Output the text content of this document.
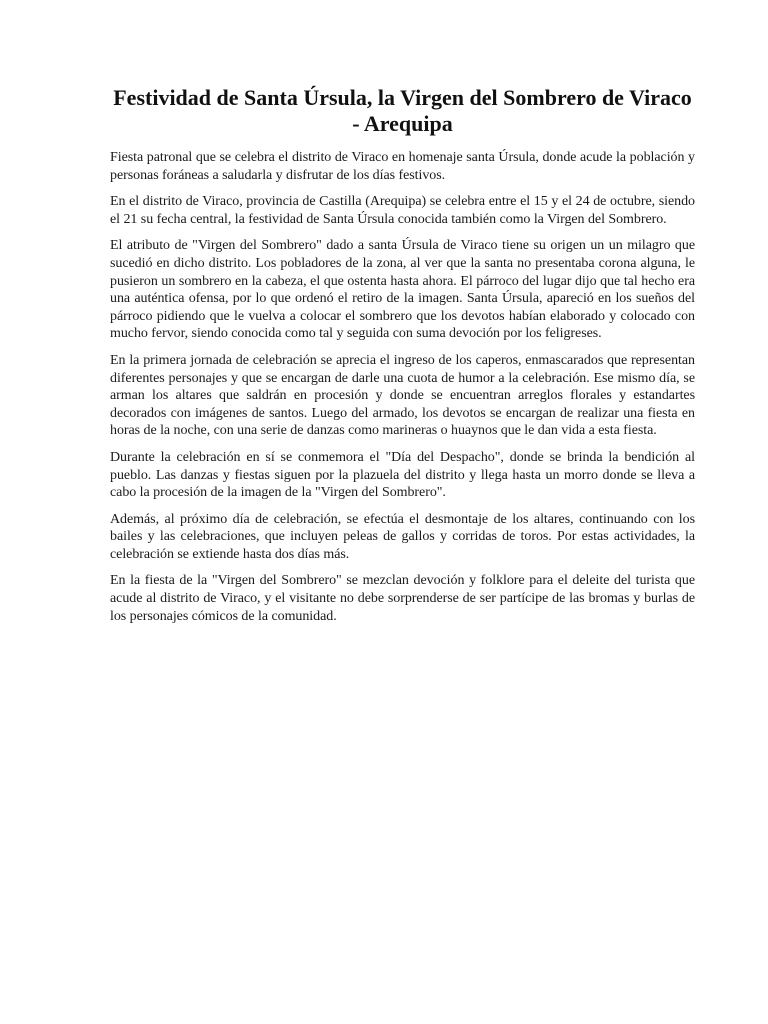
Festividad de Santa Úrsula, la Virgen del Sombrero de Viraco - Arequipa

Fiesta patronal que se celebra el distrito de Viraco en homenaje santa Úrsula, donde acude la población y personas foráneas a saludarla y disfrutar de los días festivos.

En el distrito de Viraco, provincia de Castilla (Arequipa) se celebra entre el 15 y el 24 de octubre, siendo el 21 su fecha central, la festividad de Santa Úrsula conocida también como la Virgen del Sombrero.

El atributo de "Virgen del Sombrero" dado a santa Úrsula de Viraco tiene su origen un un milagro que sucedió en dicho distrito. Los pobladores de la zona, al ver que la santa no presentaba corona alguna, le pusieron un sombrero en la cabeza, el que ostenta hasta ahora. El párroco del lugar dijo que tal hecho era una auténtica ofensa, por lo que ordenó el retiro de la imagen. Santa Úrsula, apareció en los sueños del párroco pidiendo que le vuelva a colocar el sombrero que los devotos habían elaborado y colocado con mucho fervor, siendo conocida como tal y seguida con suma devoción por los feligreses.

En la primera jornada de celebración se aprecia el ingreso de los caperos, enmascarados que representan diferentes personajes y que se encargan de darle una cuota de humor a la celebración. Ese mismo día, se arman los altares que saldrán en procesión y donde se encuentran arreglos florales y estandartes decorados con imágenes de santos. Luego del armado, los devotos se encargan de realizar una fiesta en horas de la noche, con una serie de danzas como marineras o huaynos que le dan vida a esta fiesta.

Durante la celebración en sí se conmemora el "Día del Despacho", donde se brinda la bendición al pueblo. Las danzas y fiestas siguen por la plazuela del distrito y llega hasta un morro donde se lleva a cabo la procesión de la imagen de la "Virgen del Sombrero".

Además, al próximo día de celebración, se efectúa el desmontaje de los altares, continuando con los bailes y las celebraciones, que incluyen peleas de gallos y corridas de toros. Por estas actividades, la celebración se extiende hasta dos días más.

En la fiesta de la "Virgen del Sombrero" se mezclan devoción y folklore para el deleite del turista que acude al distrito de Viraco, y el visitante no debe sorprenderse de ser partícipe de las bromas y burlas de los personajes cómicos de la comunidad.
